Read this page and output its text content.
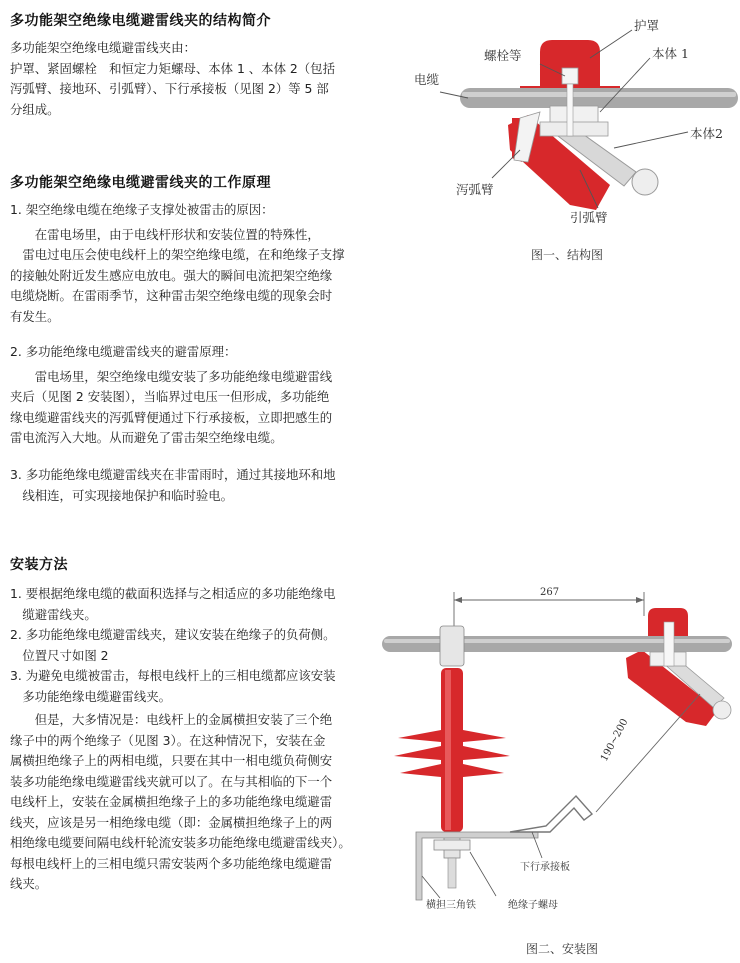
多功能架空绝缘电缆避雷线夹的结构简介
多功能架空绝缘电缆避雷线夹由：
护罩、紧固螺栓　和恒定力矩螺母、本体 1 、本体 2（包括
泻弧臂、接地环、引弧臂）、下行承接板（见图 2）等 5 部
分组成。
多功能架空绝缘电缆避雷线夹的工作原理
1. 架空绝缘电缆在绝缘子支撑处被雷击的原因：
　　在雷电场里，由于电线杆形状和安装位置的特殊性，
　雷电过电压会使电线杆上的架空绝缘电缆，在和绝缘子支撑
的接触处附近发生感应电放电。强大的瞬间电流把架空绝缘
电缆烧断。在雷雨季节，这种雷击架空绝缘电缆的现象会时
有发生。
2. 多功能绝缘电缆避雷线夹的避雷原理：
　　雷电场里，架空绝缘电缆安装了多功能绝缘电缆避雷线
夹后（见图 2 安装图），当临界过电压一但形成，多功能绝
缘电缆避雷线夹的泻弧臂便通过下行承接板，立即把感生的
雷电流泻入大地。从而避免了雷击架空绝缘电缆。
3. 多功能绝缘电缆避雷线夹在非雷雨时，通过其接地环和地
　线相连，可实现接地保护和临时验电。
安装方法
1. 要根据绝缘电缆的截面积选择与之相适应的多功能绝缘电
　缆避雷线夹。
2. 多功能绝缘电缆避雷线夹，建议安装在绝缘子的负荷侧。
　位置尺寸如图 2
3. 为避免电缆被雷击，每根电线杆上的三相电缆都应该安装
　多功能绝缘电缆避雷线夹。
　　但是，大多情况是：电线杆上的金属横担安装了三个绝
缘子中的两个绝缘子（见图 3）。在这种情况下，安装在金
属横担绝缘子上的两相电缆，只要在其中一相电缆负荷侧安
装多功能绝缘电缆避雷线夹就可以了。在与其相临的下一个
电线杆上，安装在金属横担绝缘子上的多功能绝缘电缆避雷
线夹，应该是另一相绝缘电缆（即：金属横担绝缘子上的两
相绝缘电缆要间隔电线杆轮流安装多功能绝缘电缆避雷线夹）。
每根电线杆上的三相电缆只需安装两个多功能绝缘电缆避雷
线夹。
护罩
螺栓等	本体 1
电缆
本体2
泻弧臂
引弧臂
图一、结构图
267
190~200
下行承接板
横担三角铁	绝缘子螺母
图二、安装图
